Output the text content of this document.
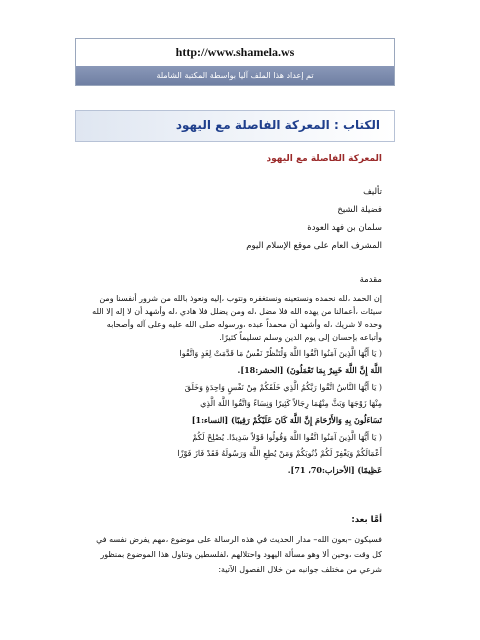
http://www.shamela.ws
تم إعداد هذا الملف آليا بواسطة المكتبة الشاملة
الكتاب : المعركة الفاصلة مع اليهود
المعركة الفاصلة مع اليهود
تأليف
فضيلة الشيخ
سلمان بن فهد العودة
المشرف العام على موقع الإسلام اليوم
مقدمة
إن الحمد ،لله نحمده ونستعينه ونستغفره ونتوب ،إليه ونعوذ بالله من شرور أنفسنا ومن
سيئات ،أعمالنا من يهده الله فلا مضل ،له ومن يضلل فلا هادي ،له وأشهد أن لا إله إلا الله
وحده لا شريك ،له وأشهد أن محمداً عبده ،ورسوله صلى الله عليه وعلى آله وأصحابه
وأتباعه بإحسان إلى يوم الدين وسلم تسليماً كثيرًا.
( يَا أَيُّهَا الَّذِينَ آمَنُوا اتَّقُوا اللَّهَ وَلْتَنْظُرْ نَفْسٌ مَا قَدَّمَتْ لِغَدٍ وَاتَّقُوا
اللَّهَ إِنَّ اللَّهَ خَبِيرٌ بِمَا تَعْمَلُونَ) [الحشر:18].
( يَا أَيُّهَا النَّاسُ اتَّقُوا رَبَّكُمُ الَّذِي خَلَقَكُمْ مِنْ نَفْسٍ وَاحِدَةٍ وَخَلَقَ
مِنْهَا زَوْجَهَا وَبَثَّ مِنْهُمَا رِجَالاً كَثِيرًا وَنِسَاءً وَاتَّقُوا اللَّهَ الَّذِي
تَسَاءَلُونَ بِهِ وَالأَرْحَامَ إِنَّ اللَّهَ كَانَ عَلَيْكُمْ رَقِيبًا) [النساء:1]
( يَا أَيُّهَا الَّذِينَ آمَنُوا اتَّقُوا اللَّهَ وَقُولُوا قَوْلاً سَدِيدًا. يُصْلِحْ لَكُمْ
أَعْمَالَكُمْ وَيَغْفِرْ لَكُمْ ذُنُوبَكُمْ وَمَنْ يُطِعِ اللَّهَ وَرَسُولَهُ فَقَدْ فَازَ فَوْزًا
عَظِيمًا) [الأحزاب:70، 71].
أمَّا بعد:
فسيكون –بعون الله– مدار الحديث في هذه الرسالة على موضوع ،مهم يفرض نفسه في
كل وقت ،وحين ألا وهو مسألة اليهود واحتلالهم ،لفلسطين وتناول هذا الموضوع بمنظور
شرعي من مختلف جوانبه من خلال الفصول الآتية:
